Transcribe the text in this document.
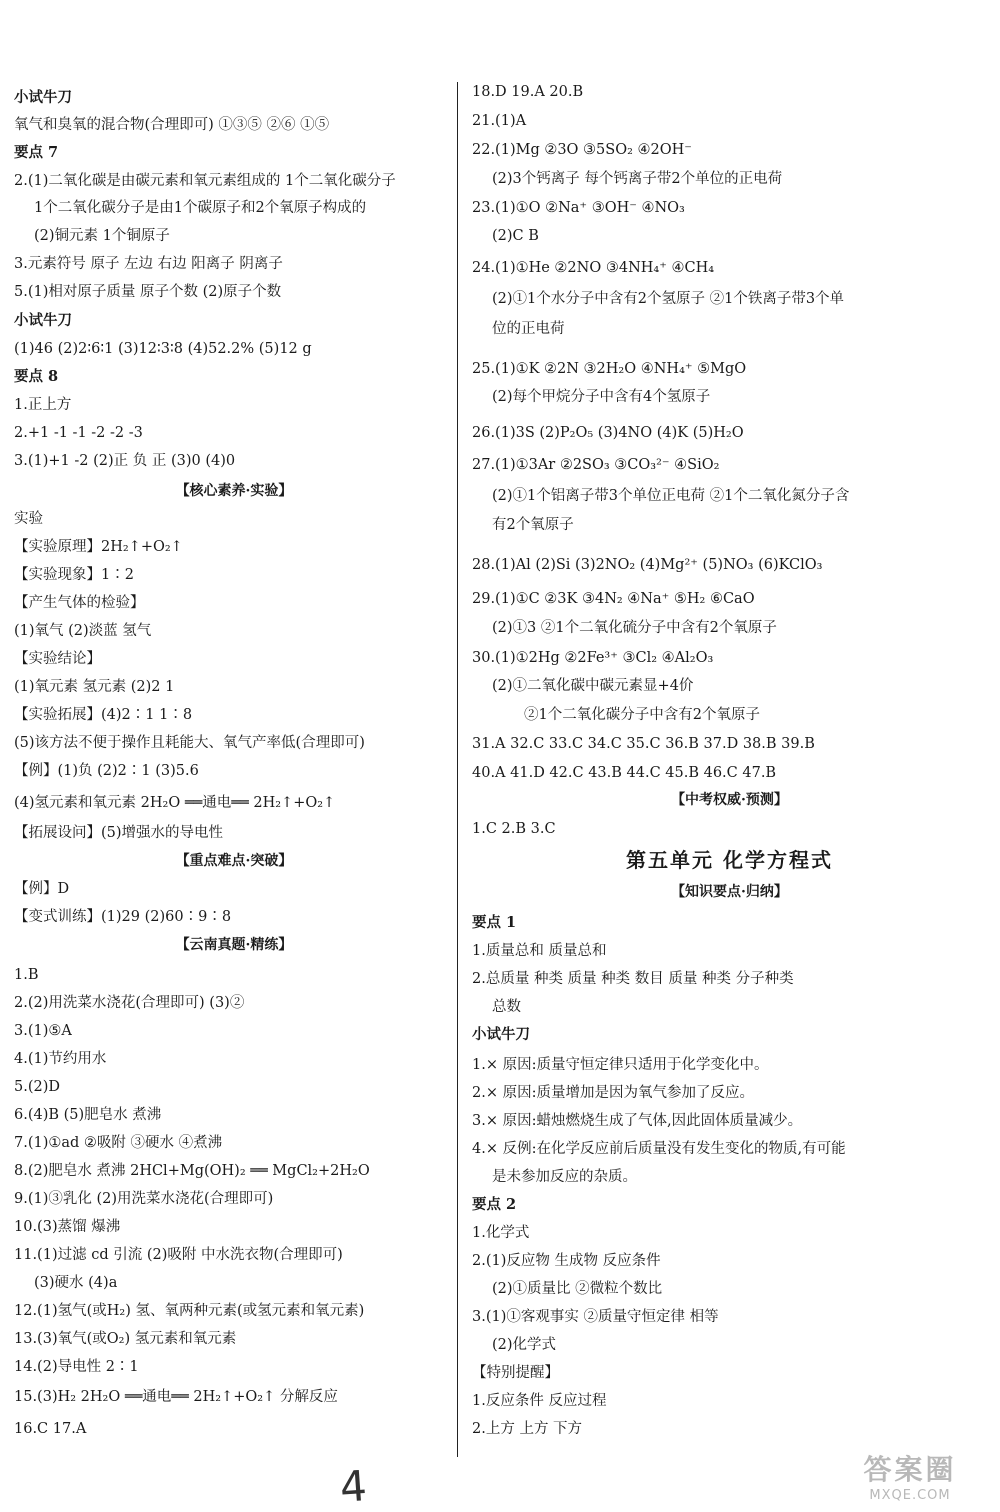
小试牛刀
氧气和臭氧的混合物(合理即可) ①③⑤ ②⑥ ①⑤
要点 7
2.(1)二氧化碳是由碳元素和氧元素组成的 1个二氧化碳分子
1个二氧化碳分子是由1个碳原子和2个氧原子构成的
(2)铜元素 1个铜原子
3.元素符号 原子 左边 右边 阳离子 阴离子
5.(1)相对原子质量 原子个数 (2)原子个数
小试牛刀
(1)46 (2)2∶6∶1 (3)12∶3∶8 (4)52.2% (5)12 g
要点 8
1.正上方
2.+1 -1 -1 -2 -2 -3
3.(1)+1 -2 (2)正 负 正 (3)0 (4)0
【核心素养·实验】
实验
【实验原理】2H₂↑+O₂↑
【实验现象】1∶2
【产生气体的检验】
(1)氧气 (2)淡蓝 氢气
【实验结论】
(1)氧元素 氢元素 (2)2 1
【实验拓展】(4)2∶1 1∶8
(5)该方法不便于操作且耗能大、氧气产率低(合理即可)
【例】(1)负 (2)2∶1 (3)5.6
(4)氢元素和氧元素 2H₂O ══通电══ 2H₂↑+O₂↑
【拓展设问】(5)增强水的导电性
【重点难点·突破】
【例】D
【变式训练】(1)29 (2)60∶9∶8
【云南真题·精练】
1.B
2.(2)用洗菜水浇花(合理即可) (3)②
3.(1)⑤A
4.(1)节约用水
5.(2)D
6.(4)B (5)肥皂水 煮沸
7.(1)①ad ②吸附 ③硬水 ④煮沸
8.(2)肥皂水 煮沸 2HCl+Mg(OH)₂ ══ MgCl₂+2H₂O
9.(1)③乳化 (2)用洗菜水浇花(合理即可)
10.(3)蒸馏 爆沸
11.(1)过滤 cd 引流 (2)吸附 中水洗衣物(合理即可)
(3)硬水 (4)a
12.(1)氢气(或H₂) 氢、氧两种元素(或氢元素和氧元素)
13.(3)氧气(或O₂) 氢元素和氧元素
14.(2)导电性 2∶1
15.(3)H₂ 2H₂O ══通电══ 2H₂↑+O₂↑ 分解反应
16.C 17.A
18.D 19.A 20.B
21.(1)A
22.(1)Mg ②3O ③5SO₂ ④2OH⁻
(2)3个钙离子 每个钙离子带2个单位的正电荷
23.(1)①O ②Na⁺ ③OH⁻ ④NO₃
(2)C B
24.(1)①He ②2NO ③4NH₄⁺ ④CH₄
(2)①1个水分子中含有2个氢原子 ②1个铁离子带3个单
位的正电荷
25.(1)①K ②2N ③2H₂O ④NH₄⁺ ⑤MgO
(2)每个甲烷分子中含有4个氢原子
26.(1)3S (2)P₂O₅ (3)4NO (4)K (5)H₂O
27.(1)①3Ar ②2SO₃ ③CO₃²⁻ ④SiO₂
(2)①1个铝离子带3个单位正电荷 ②1个二氧化氮分子含
有2个氧原子
28.(1)Al (2)Si (3)2NO₂ (4)Mg²⁺ (5)NO₃ (6)KClO₃
29.(1)①C ②3K ③4N₂ ④Na⁺ ⑤H₂ ⑥CaO
(2)①3 ②1个二氧化硫分子中含有2个氧原子
30.(1)①2Hg ②2Fe³⁺ ③Cl₂ ④Al₂O₃
(2)①二氧化碳中碳元素显+4价
②1个二氧化碳分子中含有2个氧原子
31.A 32.C 33.C 34.C 35.C 36.B 37.D 38.B 39.B
40.A 41.D 42.C 43.B 44.C 45.B 46.C 47.B
【中考权威·预测】
1.C 2.B 3.C
第五单元 化学方程式
【知识要点·归纳】
要点 1
1.质量总和 质量总和
2.总质量 种类 质量 种类 数目 质量 种类 分子种类
总数
小试牛刀
1.× 原因:质量守恒定律只适用于化学变化中。
2.× 原因:质量增加是因为氧气参加了反应。
3.× 原因:蜡烛燃烧生成了气体,因此固体质量减少。
4.× 反例:在化学反应前后质量没有发生变化的物质,有可能
是未参加反应的杂质。
要点 2
1.化学式
2.(1)反应物 生成物 反应条件
(2)①质量比 ②微粒个数比
3.(1)①客观事实 ②质量守恒定律 相等
(2)化学式
【特别提醒】
1.反应条件 反应过程
2.上方 上方 下方
4	答案圈
MXQE.COM
